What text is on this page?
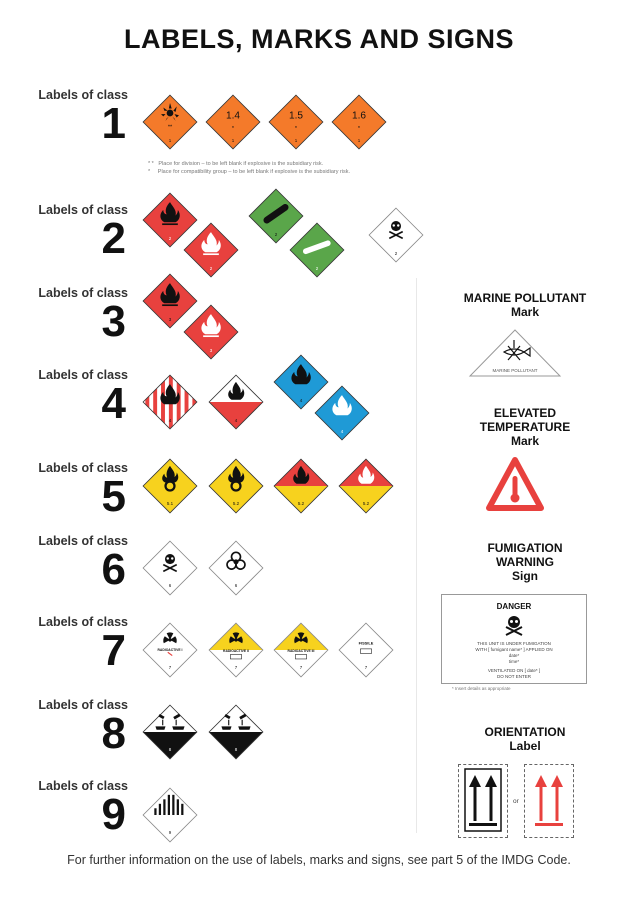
LABELS, MARKS AND SIGNS
Labels of class
1
Labels of class
2
Labels of class
3
Labels of class
4
Labels of class
5
Labels of class
6
Labels of class
7
Labels of class
8
Labels of class
9
**
1
1.4
*
1
1.5
*
1
1.6
*
1
* * Place for division – to be left blank if explosive is the subsidiary risk.
* Place for compatibility group – to be left blank if explosive is the subsidiary risk.
2
2
2
2
2
3
3
4	4
4
4
5.1	5.2	5.2	5.2
6	6
RADIOACTIVE I
7
RADIOACTIVE II
7
RADIOACTIVE III
7
FISSILE
7
8	8
9
MARINE POLLUTANT
Mark
MARINE POLLUTANT
ELEVATED
TEMPERATURE
Mark
FUMIGATION
WARNING
Sign
DANGER
THIS UNIT IS UNDER FUMIGATION
WITH [ fumigant name* ] APPLIED ON
date*
time*
VENTILATED ON [ date* ]
DO NOT ENTER
* Insert details as appropriate
ORIENTATION
Label
or
For further information on the use of labels, marks and signs, see part 5 of the IMDG Code.
